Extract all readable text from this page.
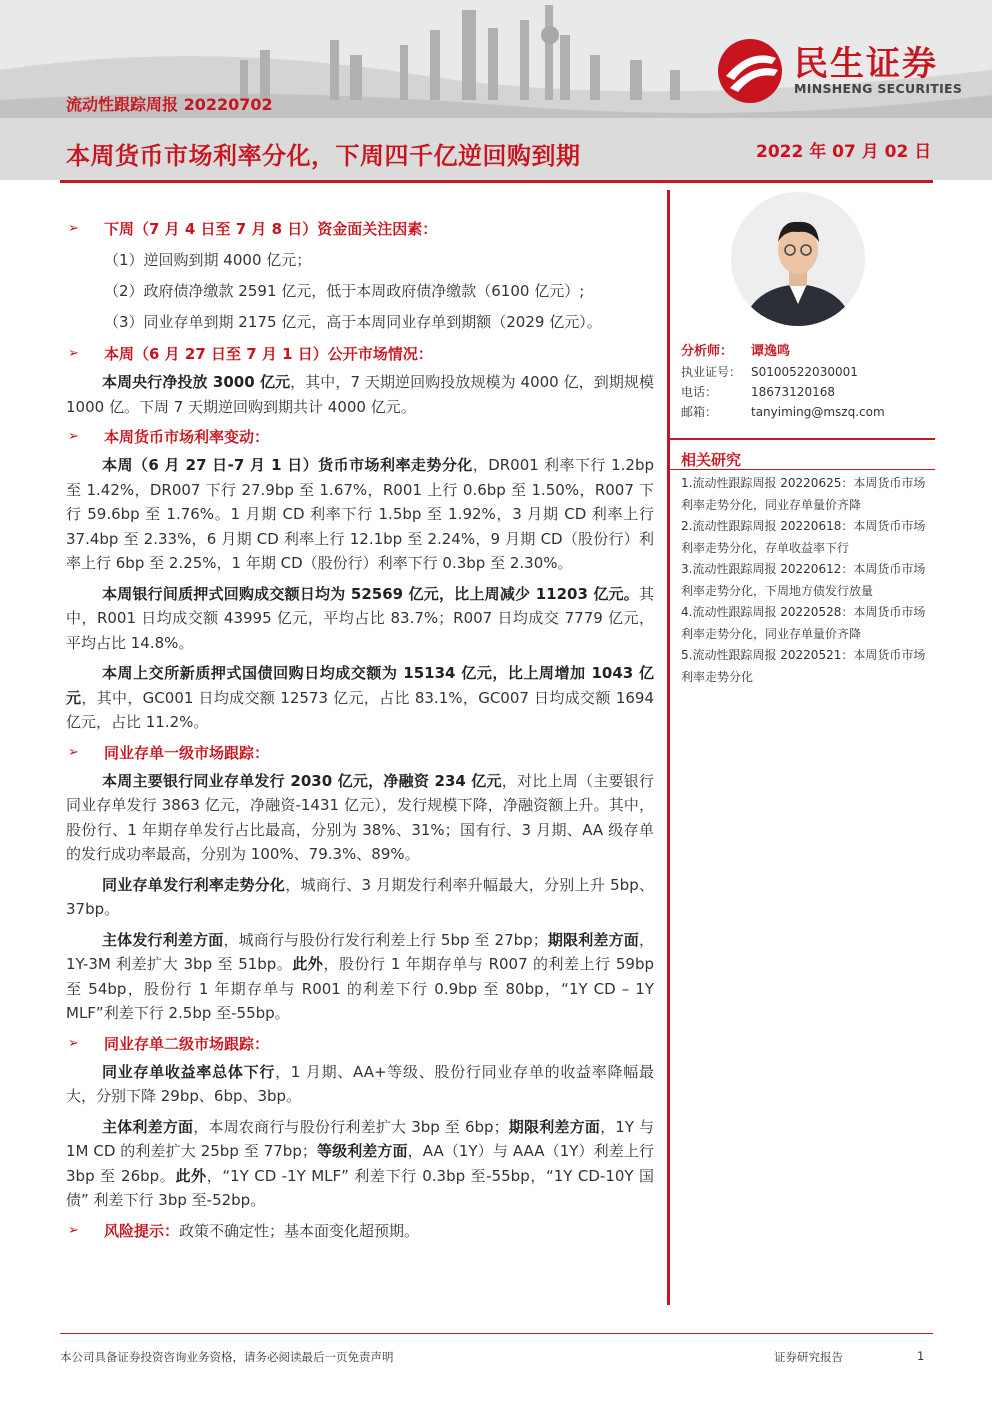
民生证券
MINSHENG SECURITIES
流动性跟踪周报 20220702
本周货币市场利率分化，下周四千亿逆回购到期	2022 年 07 月 02 日
➢ 下周（7 月 4 日至 7 月 8 日）资金面关注因素：
（1）逆回购到期 4000 亿元；
（2）政府债净缴款 2591 亿元，低于本周政府债净缴款（6100 亿元）;
（3）同业存单到期 2175 亿元，高于本周同业存单到期额（2029 亿元）。
➢ 本周（6 月 27 日至 7 月 1 日）公开市场情况：

本周央行净投放 3000 亿元，其中，7 天期逆回购投放规模为 4000 亿，到期规模 1000 亿。下周 7 天期逆回购到期共计 4000 亿元。

➢ 本周货币市场利率变动：

本周（6 月 27 日-7 月 1 日）货币市场利率走势分化，DR001 利率下行 1.2bp 至 1.42%，DR007 下行 27.9bp 至 1.67%，R001 上行 0.6bp 至 1.50%，R007 下行 59.6bp 至 1.76%。1 月期 CD 利率下行 1.5bp 至 1.92%，3 月期 CD 利率上行 37.4bp 至 2.33%，6 月期 CD 利率上行 12.1bp 至 2.24%，9 月期 CD（股份行）利率上行 6bp 至 2.25%，1 年期 CD（股份行）利率下行 0.3bp 至 2.30%。

本周银行间质押式回购成交额日均为 52569 亿元，比上周减少 11203 亿元。其中，R001 日均成交额 43995 亿元，平均占比 83.7%；R007 日均成交 7779 亿元，平均占比 14.8%。

本周上交所新质押式国债回购日均成交额为 15134 亿元，比上周增加 1043 亿元，其中，GC001 日均成交额 12573 亿元，占比 83.1%，GC007 日均成交额 1694 亿元，占比 11.2%。

➢ 同业存单一级市场跟踪：

本周主要银行同业存单发行 2030 亿元，净融资 234 亿元，对比上周（主要银行同业存单发行 3863 亿元，净融资-1431 亿元），发行规模下降，净融资额上升。其中，股份行、1 年期存单发行占比最高，分别为 38%、31%；国有行、3 月期、AA 级存单的发行成功率最高，分别为 100%、79.3%、89%。

同业存单发行利率走势分化，城商行、3 月期发行利率升幅最大，分别上升 5bp、37bp。

主体发行利差方面，城商行与股份行发行利差上行 5bp 至 27bp；期限利差方面，1Y-3M 利差扩大 3bp 至 51bp。此外，股份行 1 年期存单与 R007 的利差上行 59bp 至 54bp，股份行 1 年期存单与 R001 的利差下行 0.9bp 至 80bp，“1Y CD – 1Y MLF”利差下行 2.5bp 至-55bp。

➢ 同业存单二级市场跟踪：

同业存单收益率总体下行，1 月期、AA+等级、股份行同业存单的收益率降幅最大，分别下降 29bp、6bp、3bp。

主体利差方面，本周农商行与股份行利差扩大 3bp 至 6bp；期限利差方面，1Y 与 1M CD 的利差扩大 25bp 至 77bp；等级利差方面，AA（1Y）与 AAA（1Y）利差上行 3bp 至 26bp。此外，“1Y CD -1Y MLF” 利差下行 0.3bp 至-55bp，“1Y CD-10Y 国债” 利差下行 3bp 至-52bp。

➢ 风险提示：政策不确定性；基本面变化超预期。
分析师：	谭逸鸣
执业证号： S0100522030001
电话：	18673120168
邮箱：	tanyiming@mszq.com
相关研究
1.流动性跟踪周报 20220625：本周货币市场利率走势分化，同业存单量价齐降
2.流动性跟踪周报 20220618：本周货币市场利率走势分化，存单收益率下行
3.流动性跟踪周报 20220612：本周货币市场利率走势分化，下周地方债发行放量
4.流动性跟踪周报 20220528：本周货币市场利率走势分化，同业存单量价齐降
5.流动性跟踪周报 20220521：本周货币市场利率走势分化
本公司具备证券投资咨询业务资格，请务必阅读最后一页免责声明	证券研究报告	1
